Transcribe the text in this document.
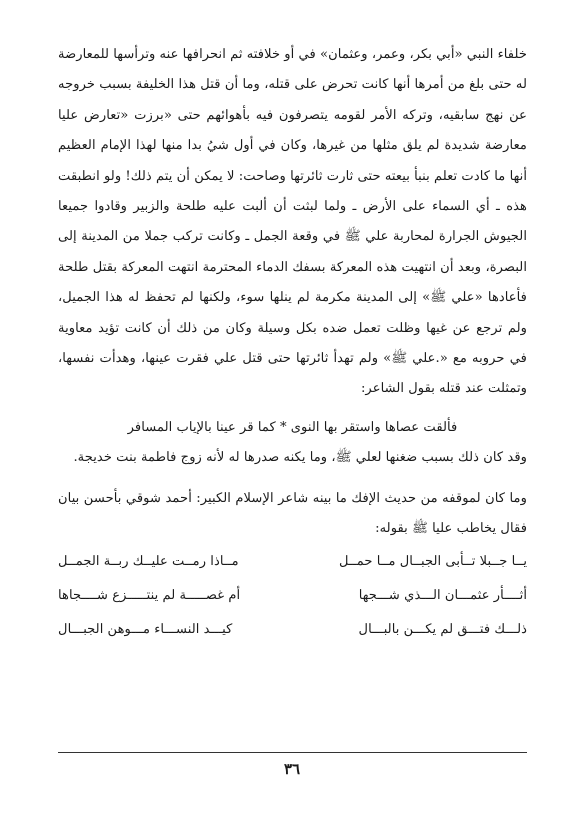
خلفاء النبي «أبي بكر، وعمر، وعثمان» في أو خلافته ثم انحرافها عنه وترأسها للمعارضة له حتى بلغ من أمرها أنها كانت تحرض على قتله، وما أن قتل هذا الخليفة بسبب خروجه عن نهج سابقيه، وتركه الأمر لقومه يتصرفون فيه بأهوائهم حتى «برزت «تعارض عليا معارضة شديدة لم يلق مثلها من غيرها، وكان في أول شيُ بدا منها لهذا الإمام العظيم أنها ما كادت تعلم بنبأ بيعته حتى ثارت ثائرتها وصاحت: لا يمكن أن يتم ذلك! ولو انطبقت هذه ـ أي السماء على الأرض ـ ولما لبثت أن ألبت عليه طلحة والزبير وقادوا جميعا الجيوش الجرارة لمحاربة علي ﷺ في وقعة الجمل ـ وكانت تركب جملا من المدينة إلى البصرة، وبعد أن انتهيت هذه المعركة بسفك الدماء المحترمة انتهت المعركة بقتل طلحة فأعادها «علي ﷺ» إلى المدينة مكرمة لم ينلها سوء، ولكنها لم تحفظ له هذا الجميل، ولم ترجع عن غيها وظلت تعمل ضده بكل وسيلة وكان من ذلك أن كانت تؤيد معاوية في حروبه مع «.علي ﷺ» ولم تهدأ ثائرتها حتى قتل علي فقرت عينها، وهدأت نفسها، وتمثلت عند قتله بقول الشاعر:

فألقت عصاها واستقر بها النوى * كما قر عينا بالإياب المسافر

وقد كان ذلك بسبب ضغنها لعلي ﷺ، وما يكنه صدرها له لأنه زوج فاطمة بنت خديجة.

وما كان لموقفه من حديث الإفك ما بينه شاعر الإسلام الكبير: أحمد شوقي بأحسن بيان فقال يخاطب عليا ﷺ بقوله:

يــا جــبلا تــأبى الجبــال مــا حمــل
مــاذا رمــت عليــك ربــة الجمــل
أثــــأر عثمـــان الـــذي شـــجها
أم غصـــــة لم ينتـــــزع شــــجاها
ذلـــك فتـــق لم يكـــن بالبـــال
كيـــد النســـاء مـــوهن الجبـــال
٣٦
